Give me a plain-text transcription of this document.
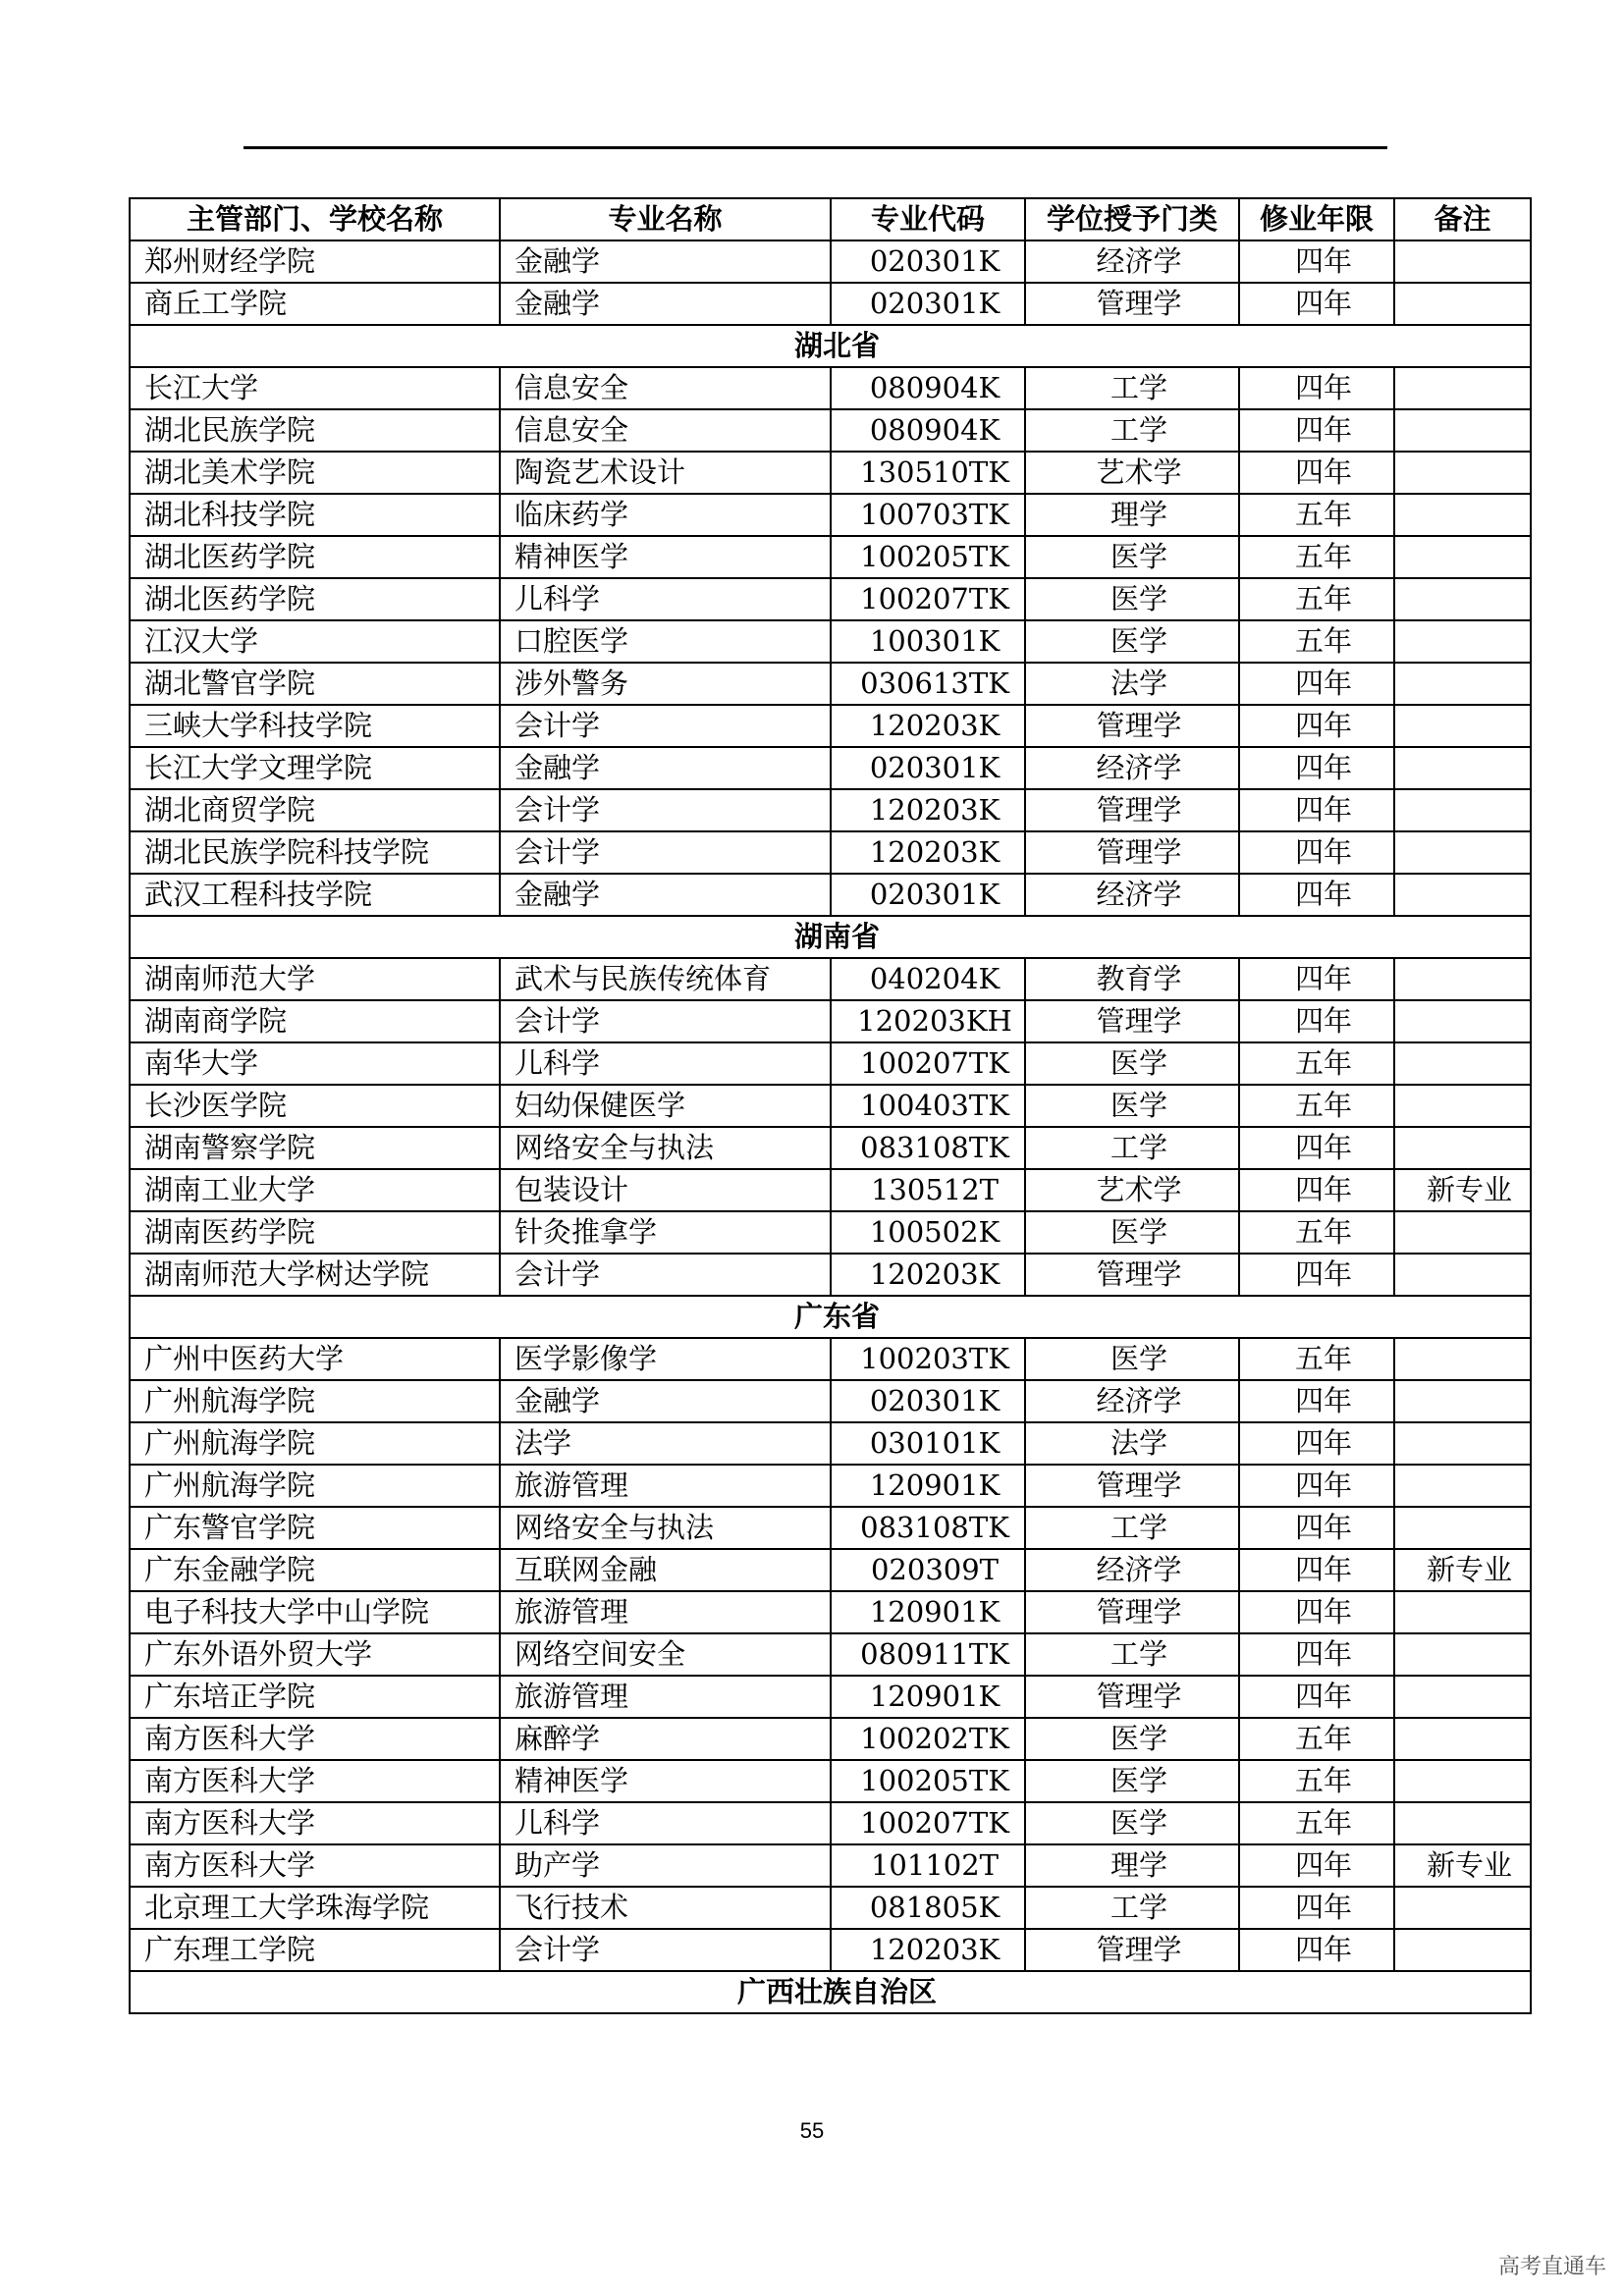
主管部门、学校名称	专业名称	专业代码	学位授予门类	修业年限	备注
郑州财经学院	金融学	020301K	经济学	四年	
商丘工学院	金融学	020301K	管理学	四年	
湖北省					
长江大学	信息安全	080904K	工学	四年	
湖北民族学院	信息安全	080904K	工学	四年	
湖北美术学院	陶瓷艺术设计	130510TK	艺术学	四年	
湖北科技学院	临床药学	100703TK	理学	五年	
湖北医药学院	精神医学	100205TK	医学	五年	
湖北医药学院	儿科学	100207TK	医学	五年	
江汉大学	口腔医学	100301K	医学	五年	
湖北警官学院	涉外警务	030613TK	法学	四年	
三峡大学科技学院	会计学	120203K	管理学	四年	
长江大学文理学院	金融学	020301K	经济学	四年	
湖北商贸学院	会计学	120203K	管理学	四年	
湖北民族学院科技学院	会计学	120203K	管理学	四年	
武汉工程科技学院	金融学	020301K	经济学	四年	
湖南省					
湖南师范大学	武术与民族传统体育	040204K	教育学	四年	
湖南商学院	会计学	120203KH	管理学	四年	
南华大学	儿科学	100207TK	医学	五年	
长沙医学院	妇幼保健医学	100403TK	医学	五年	
湖南警察学院	网络安全与执法	083108TK	工学	四年	
湖南工业大学	包装设计	130512T	艺术学	四年	新专业
湖南医药学院	针灸推拿学	100502K	医学	五年	
湖南师范大学树达学院	会计学	120203K	管理学	四年	
广东省					
广州中医药大学	医学影像学	100203TK	医学	五年	
广州航海学院	金融学	020301K	经济学	四年	
广州航海学院	法学	030101K	法学	四年	
广州航海学院	旅游管理	120901K	管理学	四年	
广东警官学院	网络安全与执法	083108TK	工学	四年	
广东金融学院	互联网金融	020309T	经济学	四年	新专业
电子科技大学中山学院	旅游管理	120901K	管理学	四年	
广东外语外贸大学	网络空间安全	080911TK	工学	四年	
广东培正学院	旅游管理	120901K	管理学	四年	
南方医科大学	麻醉学	100202TK	医学	五年	
南方医科大学	精神医学	100205TK	医学	五年	
南方医科大学	儿科学	100207TK	医学	五年	
南方医科大学	助产学	101102T	理学	四年	新专业
北京理工大学珠海学院	飞行技术	081805K	工学	四年	
广东理工学院	会计学	120203K	管理学	四年	
广西壮族自治区					
55
高考直通车
